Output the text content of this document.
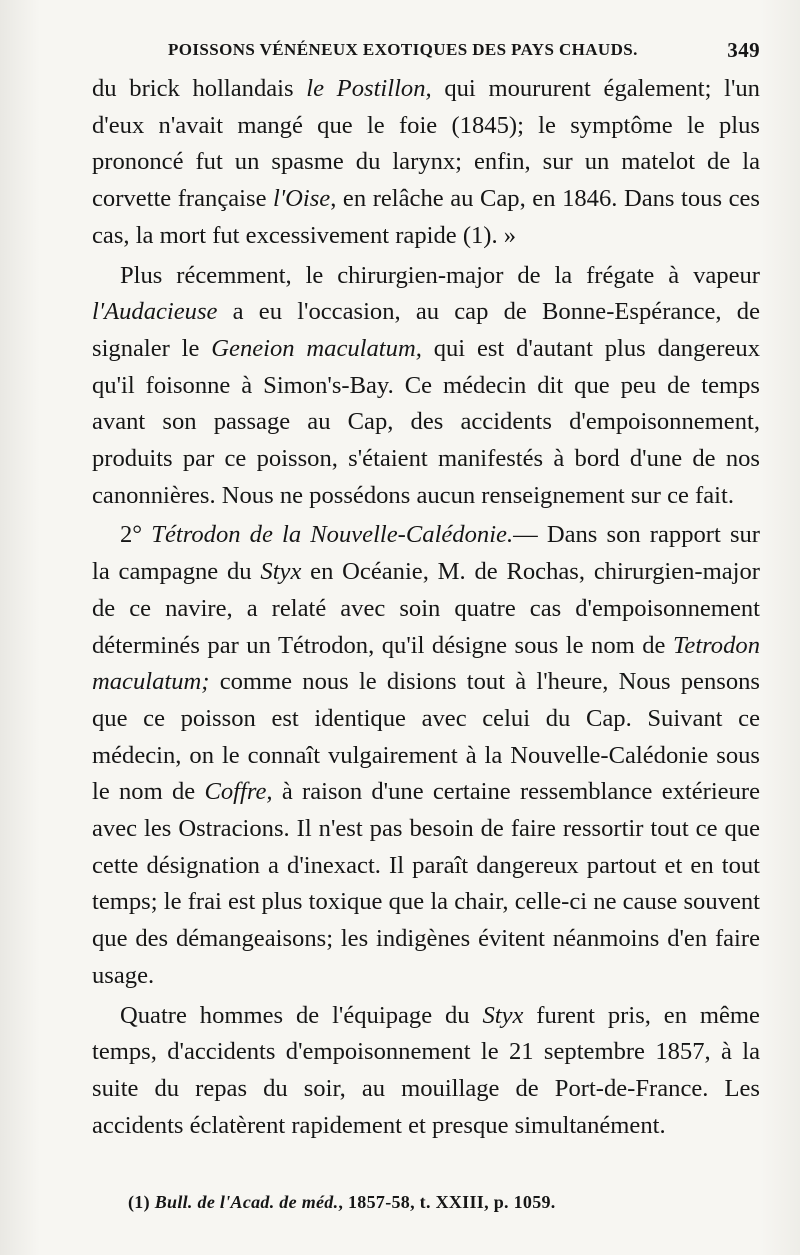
POISSONS VÉNÉNEUX EXOTIQUES DES PAYS CHAUDS.	349

du brick hollandais le Postillon, qui moururent également; l'un d'eux n'avait mangé que le foie (1845); le symptôme le plus prononcé fut un spasme du larynx; enfin, sur un matelot de la corvette française l'Oise, en relâche au Cap, en 1846. Dans tous ces cas, la mort fut excessivement rapide (1). »

Plus récemment, le chirurgien-major de la frégate à vapeur l'Audacieuse a eu l'occasion, au cap de Bonne-Espérance, de signaler le Geneion maculatum, qui est d'autant plus dangereux qu'il foisonne à Simon's-Bay. Ce médecin dit que peu de temps avant son passage au Cap, des accidents d'empoisonnement, produits par ce poisson, s'étaient manifestés à bord d'une de nos canonnières. Nous ne possédons aucun renseignement sur ce fait.

2° Tétrodon de la Nouvelle-Calédonie.— Dans son rapport sur la campagne du Styx en Océanie, M. de Rochas, chirurgien-major de ce navire, a relaté avec soin quatre cas d'empoisonnement déterminés par un Tétrodon, qu'il désigne sous le nom de Tetrodon maculatum; comme nous le disions tout à l'heure, Nous pensons que ce poisson est identique avec celui du Cap. Suivant ce médecin, on le connaît vulgairement à la Nouvelle-Calédonie sous le nom de Coffre, à raison d'une certaine ressemblance extérieure avec les Ostracions. Il n'est pas besoin de faire ressortir tout ce que cette désignation a d'inexact. Il paraît dangereux partout et en tout temps; le frai est plus toxique que la chair, celle-ci ne cause souvent que des démangeaisons; les indigènes évitent néanmoins d'en faire usage.

Quatre hommes de l'équipage du Styx furent pris, en même temps, d'accidents d'empoisonnement le 21 septembre 1857, à la suite du repas du soir, au mouillage de Port-de-France. Les accidents éclatèrent rapidement et presque simultanément.

(1) Bull. de l'Acad. de méd., 1857-58, t. XXIII, p. 1059.
